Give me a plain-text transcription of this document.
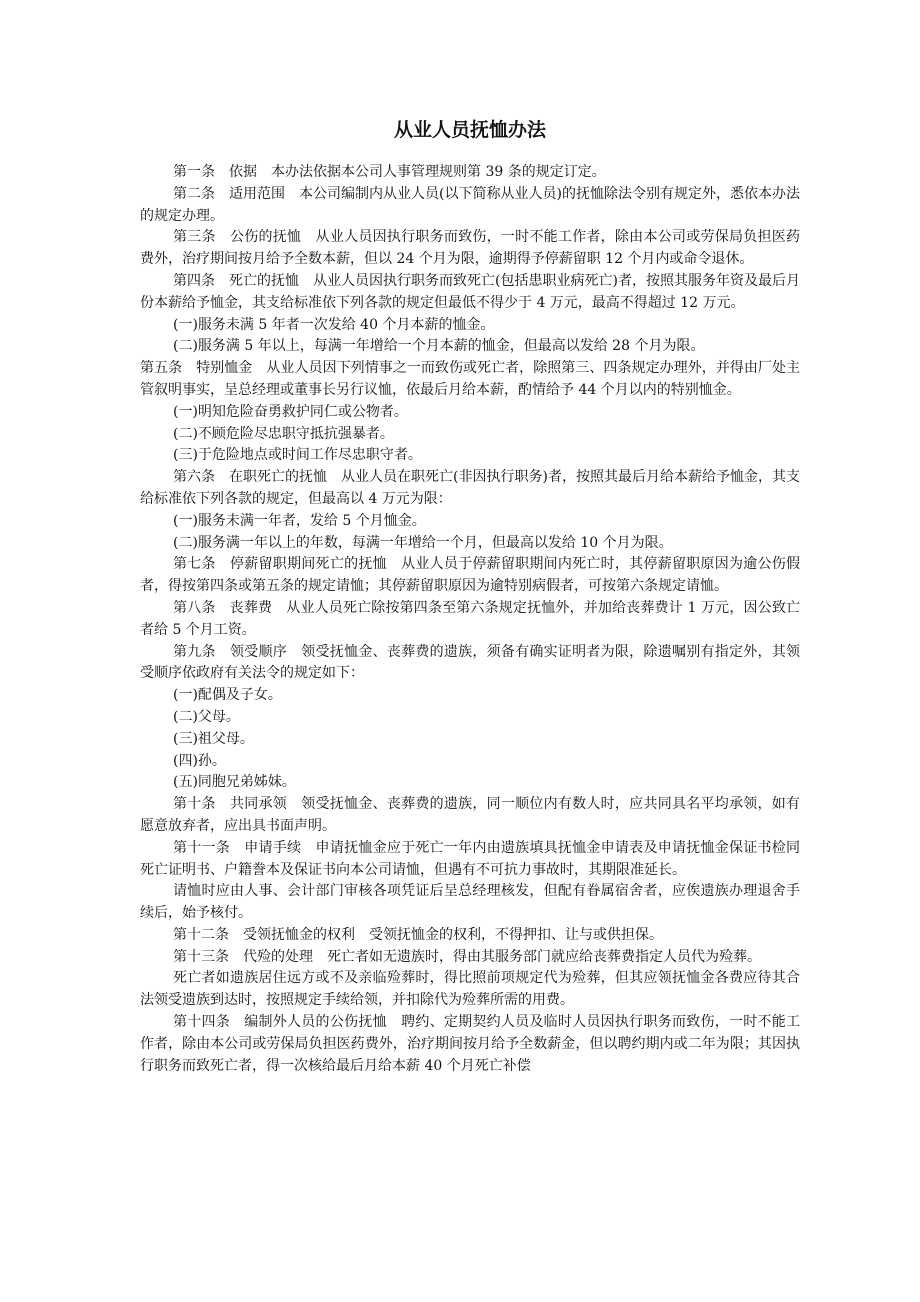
从业人员抚恤办法

第一条　依据　本办法依据本公司人事管理规则第 39 条的规定订定。

第二条　适用范围　本公司编制内从业人员(以下简称从业人员)的抚恤除法令别有规定外，悉依本办法的规定办理。

第三条　公伤的抚恤　从业人员因执行职务而致伤，一时不能工作者，除由本公司或劳保局负担医药费外，治疗期间按月给予全数本薪，但以 24 个月为限，逾期得予停薪留职 12 个月内或命令退休。

第四条　死亡的抚恤　从业人员因执行职务而致死亡(包括患职业病死亡)者，按照其服务年资及最后月份本薪给予恤金，其支给标准依下列各款的规定但最低不得少于 4 万元，最高不得超过 12 万元。

(一)服务未满 5 年者一次发给 40 个月本薪的恤金。

(二)服务满 5 年以上，每满一年增给一个月本薪的恤金，但最高以发给 28 个月为限。

第五条　特别恤金　从业人员因下列情事之一而致伤或死亡者，除照第三、四条规定办理外，并得由厂处主管叙明事实，呈总经理或董事长另行议恤，依最后月给本薪，酌情给予 44 个月以内的特别恤金。

(一)明知危险奋勇救护同仁或公物者。

(二)不顾危险尽忠职守抵抗强暴者。

(三)于危险地点或时间工作尽忠职守者。

第六条　在职死亡的抚恤　从业人员在职死亡(非因执行职务)者，按照其最后月给本薪给予恤金，其支给标准依下列各款的规定，但最高以 4 万元为限：

(一)服务未满一年者，发给 5 个月恤金。

(二)服务满一年以上的年数，每满一年增给一个月，但最高以发给 10 个月为限。

第七条　停薪留职期间死亡的抚恤　从业人员于停薪留职期间内死亡时，其停薪留职原因为逾公伤假者，得按第四条或第五条的规定请恤；其停薪留职原因为逾特别病假者，可按第六条规定请恤。

第八条　丧葬费　从业人员死亡除按第四条至第六条规定抚恤外，并加给丧葬费计 1 万元，因公致亡者给 5 个月工资。

第九条　领受顺序　领受抚恤金、丧葬费的遗族，须备有确实证明者为限，除遗嘱别有指定外，其领受顺序依政府有关法令的规定如下：

(一)配偶及子女。

(二)父母。

(三)祖父母。

(四)孙。

(五)同胞兄弟姊妹。

第十条　共同承领　领受抚恤金、丧葬费的遗族，同一顺位内有数人时，应共同具名平均承领，如有愿意放弃者，应出具书面声明。

第十一条　申请手续　申请抚恤金应于死亡一年内由遗族填具抚恤金申请表及申请抚恤金保证书检同死亡证明书、户籍誊本及保证书向本公司请恤，但遇有不可抗力事故时，其期限准延长。

请恤时应由人事、会计部门审核各项凭证后呈总经理核发，但配有眷属宿舍者，应俟遗族办理退舍手续后，始予核付。

第十二条　受领抚恤金的权利　受领抚恤金的权利，不得押扣、让与或供担保。

第十三条　代殓的处理　死亡者如无遗族时，得由其服务部门就应给丧葬费指定人员代为殓葬。

死亡者如遗族居住远方或不及亲临殓葬时，得比照前项规定代为殓葬，但其应领抚恤金各费应待其合法领受遗族到达时，按照规定手续给领，并扣除代为殓葬所需的用费。

第十四条　编制外人员的公伤抚恤　聘约、定期契约人员及临时人员因执行职务而致伤，一时不能工作者，除由本公司或劳保局负担医药费外，治疗期间按月给予全数薪金，但以聘约期内或二年为限；其因执行职务而致死亡者，得一次核给最后月给本薪 40 个月死亡补偿
